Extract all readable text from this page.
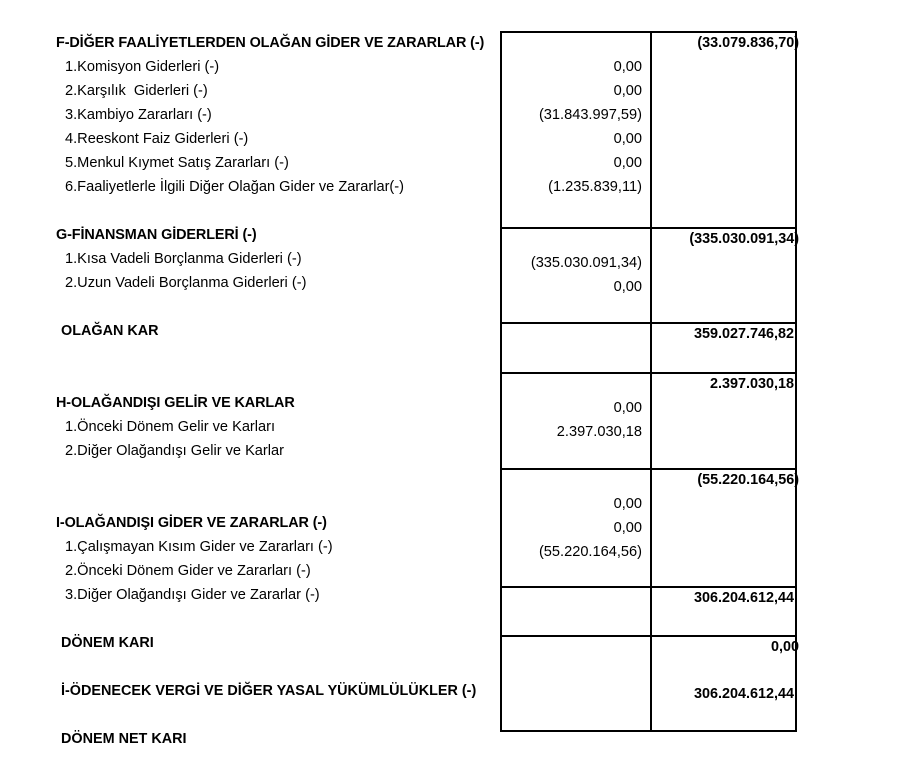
F-DİĞER FAALİYETLERDEN OLAĞAN GİDER VE ZARARLAR (-)
1.Komisyon Giderleri (-)
2.Karşılık  Giderleri (-)
3.Kambiyo Zararları (-)
4.Reeskont Faiz Giderleri (-)
5.Menkul Kıymet Satış Zararları (-)
6.Faaliyetlerle İlgili Diğer Olağan Gider ve Zararlar(-)
G-FİNANSMAN GİDERLERİ (-)
1.Kısa Vadeli Borçlanma Giderleri (-)
2.Uzun Vadeli Borçlanma Giderleri (-)
OLAĞAN KAR
H-OLAĞANDIŞI GELİR VE KARLAR
1.Önceki Dönem Gelir ve Karları
2.Diğer Olağandışı Gelir ve Karlar
I-OLAĞANDIŞI GİDER VE ZARARLAR (-)
1.Çalışmayan Kısım Gider ve Zararları (-)
2.Önceki Dönem Gider ve Zararları (-)
3.Diğer Olağandışı Gider ve Zararlar (-)
DÖNEM KARI
İ-ÖDENECEK VERGİ VE DİĞER YASAL YÜKÜMLÜLÜKLER (-)
DÖNEM NET KARI
(33.079.836,70)
0,00
0,00
(31.843.997,59)
0,00
0,00
(1.235.839,11)
(335.030.091,34)
(335.030.091,34)
0,00
359.027.746,82
2.397.030,18
0,00
2.397.030,18
(55.220.164,56)
0,00
0,00
(55.220.164,56)
306.204.612,44
0,00
306.204.612,44
